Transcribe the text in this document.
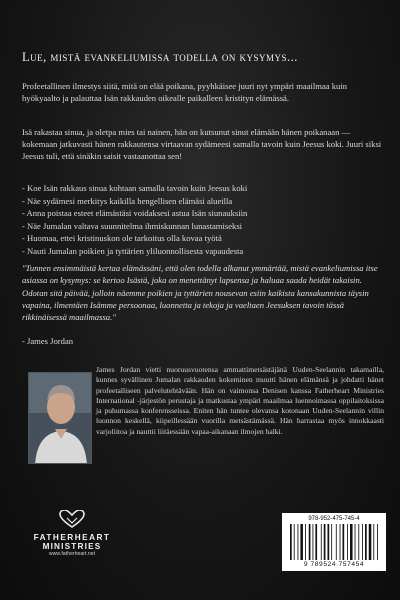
Lue, mistä evankeliumissa todella on kysymys...

Profeetallinen ilmestys siitä, mitä on elää poikana, pyyhkäisee juuri nyt ympäri maailmaa kuin hyökyaalto ja palauttaa Isän rakkauden oikealle paikalleen kristityn elämässä.

Isä rakastaa sinua, ja oletpa mies tai nainen, hän on kutsunut sinut elämään hänen poikanaan — kokemaan jatkuvasti hänen rakkautensa virtaavan sydämeesi samalla tavoin kuin Jeesus koki. Juuri siksi Jeesus tuli, että sinäkin saisit vastaanottaa sen!

- Koe Isän rakkaus sinua kohtaan samalla tavoin kuin Jeesus koki
- Näe sydämesi merkitys kaikilla hengellisen elämäsi alueilla
- Anna poistaa esteet elämästäsi voidaksesi astua Isän siunauksiin
- Näe Jumalan valtava suunnitelma ihmiskunnan lunastamiseksi
- Huomaa, ettei kristinuskon ole tarkoitus olla kovaa työtä
- Nauti Jumalan poikien ja tyttärien yliluonnollisesta vapaudesta

"Tunnen ensimmäistä kertaa elämässäni, että olen todella alkanut ymmärtää, mistä evankeliumissa itse asiassa on kysymys: se kertoo Isästä, joka on menettänyt lapsensa ja haluaa saada heidät takaisin. Odotan sitä päivää, jolloin näemme poikien ja tyttärien nousevan esiin kaikista kansakunnista täysin vapaina, ilmentäen Isämme persoonaa, luonnetta ja tekoja ja vaeltaen Jeesuksen tavoin tässä rikkinäisessä maailmassa."

- James Jordan

James Jordan vietti nuoruusvuotensa ammattimetsästäjänä Uuden-Seelannin takamailla, kunnes syvällinen Jumalan rakkauden kokeminen muutti hänen elämänsä ja johdatti hänet profeetalliseen palvelutehtävään. Hän on vaimonsa Denisen kanssa Fatherheart Ministries International -järjestön perustaja ja matkustaa ympäri maailmaa luennoimassa oppilaitoksissa ja puhumassa konferensseissa. Eniten hän tuntee olevansa kotonaan Uuden-Seelannin villin luonnon keskellä, kiipeillessään vuorilla metsästämässä. Hän harrastaa myös innokkaasti varjoliitoa ja nauttii liitäessään vapaa-aikanaan ilmojen halki.

FATHERHEART
MINISTRIES
www.fatherheart.net
978-952-475-745-4
9 789524 757454
